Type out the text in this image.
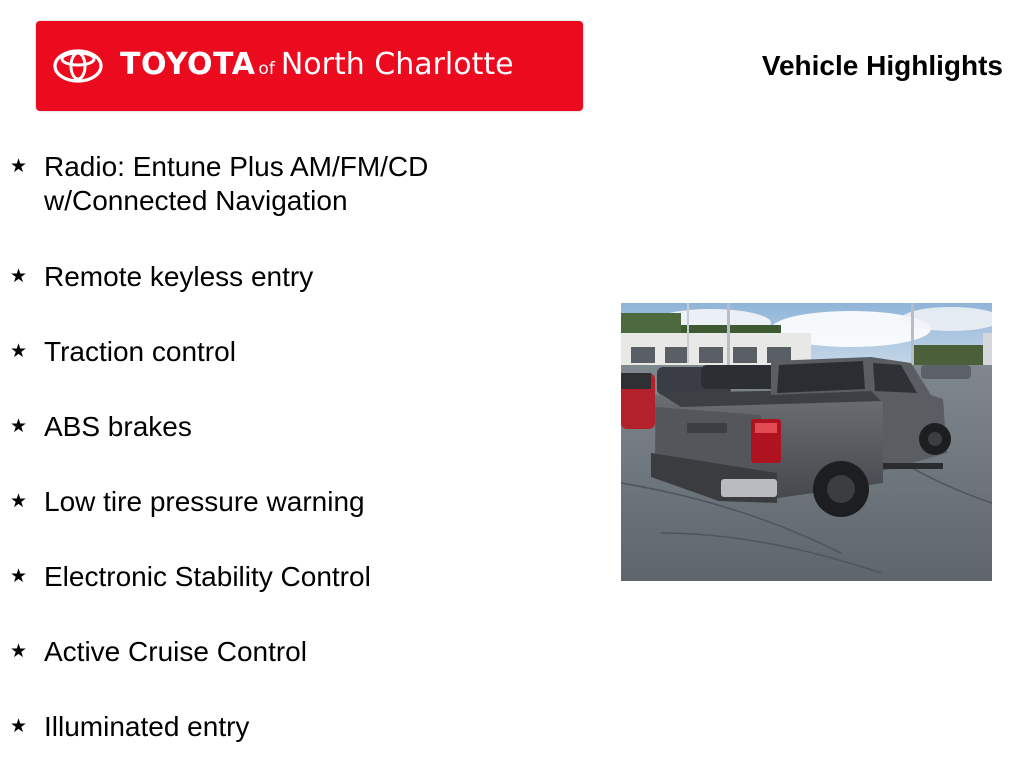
TOYOTA of North Charlotte	Vehicle Highlights
★ Radio: Entune Plus AM/FM/CD w/Connected Navigation
★ Remote keyless entry
★ Traction control
★ ABS brakes
★ Low tire pressure warning
★ Electronic Stability Control
★ Active Cruise Control
★ Illuminated entry
